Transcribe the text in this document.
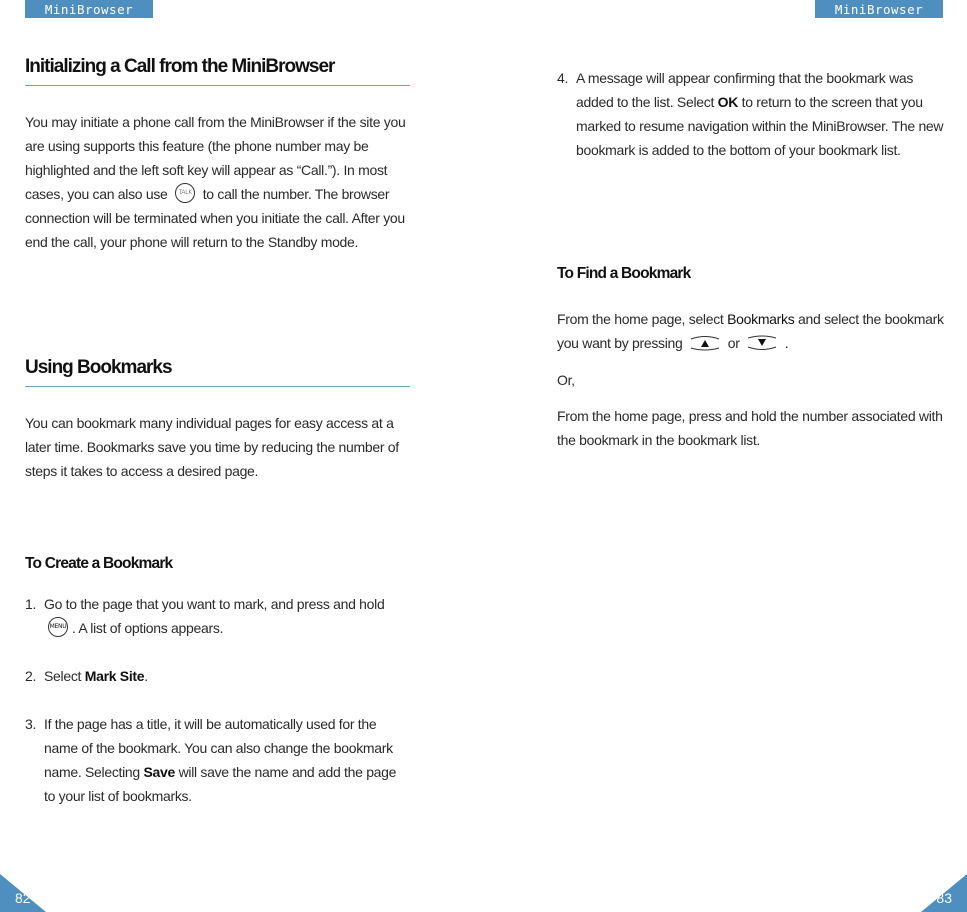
MiniBrowser	MiniBrowser
Initializing a Call from the MiniBrowser

You may initiate a phone call from the MiniBrowser if the site you are using supports this feature (the phone number may be highlighted and the left soft key will appear as “Call.”). In most cases, you can also use TALK to call the number. The browser connection will be terminated when you initiate the call. After you end the call, your phone will return to the Standby mode.

Using Bookmarks

You can bookmark many individual pages for easy access at a later time. Bookmarks save you time by reducing the number of steps it takes to access a desired page.

To Create a Bookmark
1. Go to the page that you want to mark, and press and hold MENU . A list of options appears.
2. Select Mark Site.
3. If the page has a title, it will be automatically used for the name of the bookmark. You can also change the bookmark name. Selecting Save will save the name and add the page to your list of bookmarks.
4. A message will appear confirming that the bookmark was added to the list. Select OK to return to the screen that you marked to resume navigation within the MiniBrowser. The new bookmark is added to the bottom of your bookmark list.
To Find a Bookmark

From the home page, select Bookmarks and select the bookmark you want by pressing	or	.

Or,

From the home page, press and hold the number associated with the bookmark in the bookmark list.

82	83
